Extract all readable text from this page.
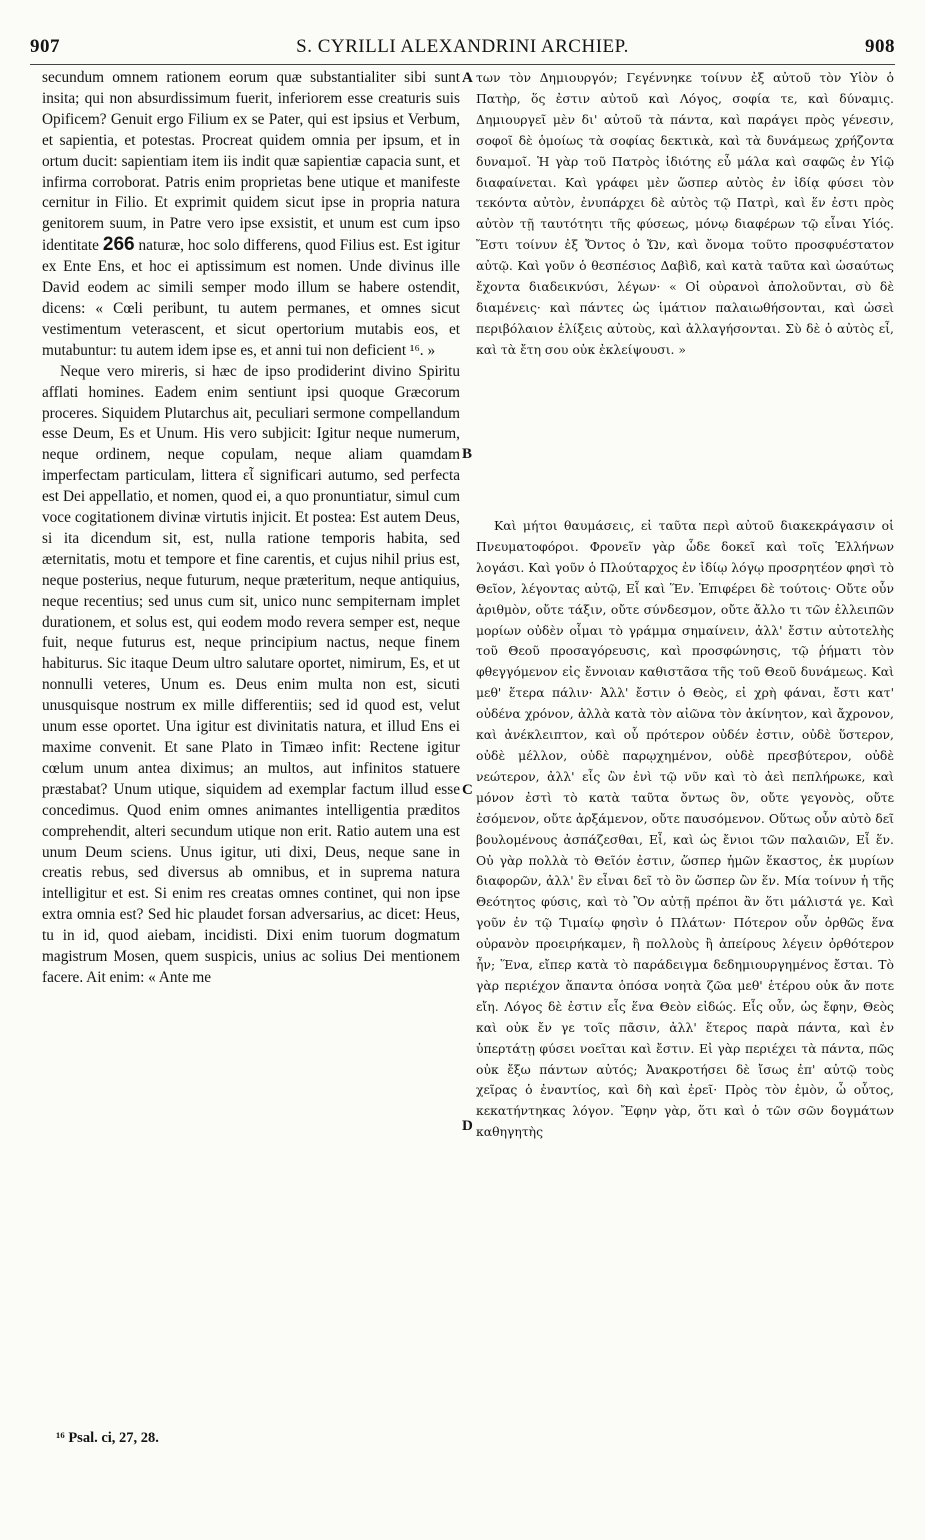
907	S. CYRILLI ALEXANDRINI ARCHIEP.	908

secundum omnem rationem eorum quæ substantialiter sibi sunt insita; qui non absurdissimum fuerit, inferiorem esse creaturis suis Opificem? Genuit ergo Filium ex se Pater, qui est ipsius et Verbum, et sapientia, et potestas. Procreat quidem omnia per ipsum, et in ortum ducit: sapientiam item iis indit quæ sapientiæ capacia sunt, et infirma corroborat. Patris enim proprietas bene utique et manifeste cernitur in Filio. Et exprimit quidem sicut ipse in propria natura genitorem suum, in Patre vero ipse exsistit, et unum est cum ipso identitate 266 naturæ, hoc solo differens, quod Filius est. Est igitur ex Ente Ens, et hoc ei aptissimum est nomen. Unde divinus ille David eodem ac simili semper modo illum se habere ostendit, dicens: « Cœli peribunt, tu autem permanes, et omnes sicut vestimentum veterascent, et sicut opertorium mutabis eos, et mutabuntur: tu autem idem ipse es, et anni tui non deficient ¹⁶. »

Neque vero mireris, si hæc de ipso prodiderint divino Spiritu afflati homines. Eadem enim sentiunt ipsi quoque Græcorum proceres. Siquidem Plutarchus ait, peculiari sermone compellandum esse Deum, Es et Unum. His vero subjicit: Igitur neque numerum, neque ordinem, neque copulam, neque aliam quamdam imperfectam particulam, littera εἶ significari autumo, sed perfecta est Dei appellatio, et nomen, quod ei, a quo pronuntiatur, simul cum voce cogitationem divinæ virtutis injicit. Et postea: Est autem Deus, si ita dicendum sit, est, nulla ratione temporis habita, sed æternitatis, motu et tempore et fine carentis, et cujus nihil prius est, neque posterius, neque futurum, neque præteritum, neque antiquius, neque recentius; sed unus cum sit, unico nunc sempiternam implet durationem, et solus est, qui eodem modo revera semper est, neque fuit, neque futurus est, neque principium nactus, neque finem habiturus. Sic itaque Deum ultro salutare oportet, nimirum, Es, et ut nonnulli veteres, Unum es. Deus enim multa non est, sicuti unusquisque nostrum ex mille differentiis; sed id quod est, velut unum esse oportet. Una igitur est divinitatis natura, et illud Ens ei maxime convenit. Et sane Plato in Timæo infit: Rectene igitur cœlum unum antea diximus; an multos, aut infinitos statuere præstabat? Unum utique, siquidem ad exemplar factum illud esse concedimus. Quod enim omnes animantes intelligentia præditos comprehendit, alteri secundum utique non erit. Ratio autem una est unum Deum sciens. Unus igitur, uti dixi, Deus, neque sane in creatis rebus, sed diversus ab omnibus, et in suprema natura intelligitur et est. Si enim res creatas omnes continet, qui non ipse extra omnia est? Sed hic plaudet forsan adversarius, ac dicet: Heus, tu in id, quod aiebam, incidisti. Dixi enim tuorum dogmatum magistrum Mosen, quem suspicis, unius ac solius Dei mentionem facere. Ait enim: « Ante me

A
B
C
D

των τὸν Δημιουργόν; Γεγέννηκε τοίνυν ἐξ αὐτοῦ τὸν Υἱὸν ὁ Πατὴρ, ὅς ἐστιν αὐτοῦ καὶ Λόγος, σοφία τε, καὶ δύναμις. Δημιουργεῖ μὲν δι' αὐτοῦ τὰ πάντα, καὶ παράγει πρὸς γένεσιν, σοφοῖ δὲ ὁμοίως τὰ σοφίας δεκτικὰ, καὶ τὰ δυνάμεως χρήζοντα δυναμοῖ. Ἡ γὰρ τοῦ Πατρὸς ἰδιότης εὖ μάλα καὶ σαφῶς ἐν Υἱῷ διαφαίνεται. Καὶ γράφει μὲν ὥσπερ αὐτὸς ἐν ἰδίᾳ φύσει τὸν τεκόντα αὐτὸν, ἐνυπάρχει δὲ αὐτὸς τῷ Πατρὶ, καὶ ἕν ἐστι πρὸς αὐτὸν τῇ ταυτότητι τῆς φύσεως, μόνῳ διαφέρων τῷ εἶναι Υἱός. Ἔστι τοίνυν ἐξ Ὄντος ὁ Ὤν, καὶ ὄνομα τοῦτο προσφυέστατον αὐτῷ. Καὶ γοῦν ὁ θεσπέσιος Δαβὶδ, καὶ κατὰ ταῦτα καὶ ὡσαύτως ἔχοντα διαδεικνύσι, λέγων· « Οἱ οὐρανοὶ ἀπολοῦνται, σὺ δὲ διαμένεις· καὶ πάντες ὡς ἱμάτιον παλαιωθήσονται, καὶ ὡσεὶ περιβόλαιον ἑλίξεις αὐτοὺς, καὶ ἀλλαγήσονται. Σὺ δὲ ὁ αὐτὸς εἶ, καὶ τὰ ἔτη σου οὐκ ἐκλείψουσι. »

Καὶ μήτοι θαυμάσεις, εἰ ταῦτα περὶ αὐτοῦ διακεκράγασιν οἱ Πνευματοφόροι. Φρονεῖν γὰρ ὧδε δοκεῖ καὶ τοῖς Ἑλλήνων λογάσι. Καὶ γοῦν ὁ Πλούταρχος ἐν ἰδίῳ λόγῳ προσρητέον φησὶ τὸ Θεῖον, λέγοντας αὐτῷ, Εἶ καὶ Ἕν. Ἐπιφέρει δὲ τούτοις· Οὔτε οὖν ἀριθμὸν, οὔτε τάξιν, οὔτε σύνδεσμον, οὔτε ἄλλο τι τῶν ἐλλειπῶν μορίων οὐδὲν οἶμαι τὸ γράμμα σημαίνειν, ἀλλ' ἔστιν αὐτοτελὴς τοῦ Θεοῦ προσαγόρευσις, καὶ προσφώνησις, τῷ ῥήματι τὸν φθεγγόμενον εἰς ἔννοιαν καθιστᾶσα τῆς τοῦ Θεοῦ δυνάμεως. Καὶ μεθ' ἕτερα πάλιν· Ἀλλ' ἔστιν ὁ Θεὸς, εἰ χρὴ φάναι, ἔστι κατ' οὐδένα χρόνον, ἀλλὰ κατὰ τὸν αἰῶνα τὸν ἀκίνητον, καὶ ἄχρονον, καὶ ἀνέκλειπτον, καὶ οὗ πρότερον οὐδέν ἐστιν, οὐδὲ ὕστερον, οὐδὲ μέλλον, οὐδὲ παρῳχημένον, οὐδὲ πρεσβύτερον, οὐδὲ νεώτερον, ἀλλ' εἷς ὢν ἑνὶ τῷ νῦν καὶ τὸ ἀεὶ πεπλήρωκε, καὶ μόνον ἐστὶ τὸ κατὰ ταῦτα ὄντως ὂν, οὔτε γεγονὸς, οὔτε ἐσόμενον, οὔτε ἀρξάμενον, οὔτε παυσόμενον. Οὕτως οὖν αὐτὸ δεῖ βουλομένους ἀσπάζεσθαι, Εἶ, καὶ ὡς ἔνιοι τῶν παλαιῶν, Εἶ ἕν. Οὐ γὰρ πολλὰ τὸ Θεῖόν ἐστιν, ὥσπερ ἡμῶν ἕκαστος, ἐκ μυρίων διαφορῶν, ἀλλ' ἓν εἶναι δεῖ τὸ ὂν ὥσπερ ὢν ἕν. Μία τοίνυν ἡ τῆς Θεότητος φύσις, καὶ τὸ Ὂν αὐτῇ πρέποι ἂν ὅτι μάλιστά γε. Καὶ γοῦν ἐν τῷ Τιμαίῳ φησὶν ὁ Πλάτων· Πότερον οὖν ὀρθῶς ἕνα οὐρανὸν προειρήκαμεν, ἢ πολλοὺς ἢ ἀπείρους λέγειν ὀρθότερον ἦν; Ἕνα, εἴπερ κατὰ τὸ παράδειγμα δεδημιουργημένος ἔσται. Τὸ γὰρ περιέχον ἅπαντα ὁπόσα νοητὰ ζῶα μεθ' ἑτέρου οὐκ ἄν ποτε εἴη. Λόγος δὲ ἐστιν εἷς ἕνα Θεὸν εἰδώς. Εἷς οὖν, ὡς ἔφην, Θεὸς καὶ οὐκ ἔν γε τοῖς πᾶσιν, ἀλλ' ἕτερος παρὰ πάντα, καὶ ἐν ὑπερτάτῃ φύσει νοεῖται καὶ ἔστιν. Εἰ γὰρ περιέχει τὰ πάντα, πῶς οὐκ ἔξω πάντων αὐτός; Ἀνακροτήσει δὲ ἴσως ἐπ' αὐτῷ τοὺς χεῖρας ὁ ἐναντίος, καὶ δὴ καὶ ἐρεῖ· Πρὸς τὸν ἐμὸν, ὦ οὗτος, κεκατήντηκας λόγον. Ἔφην γὰρ, ὅτι καὶ ὁ τῶν σῶν δογμάτων καθηγητὴς

¹⁶ Psal. ci, 27, 28.
